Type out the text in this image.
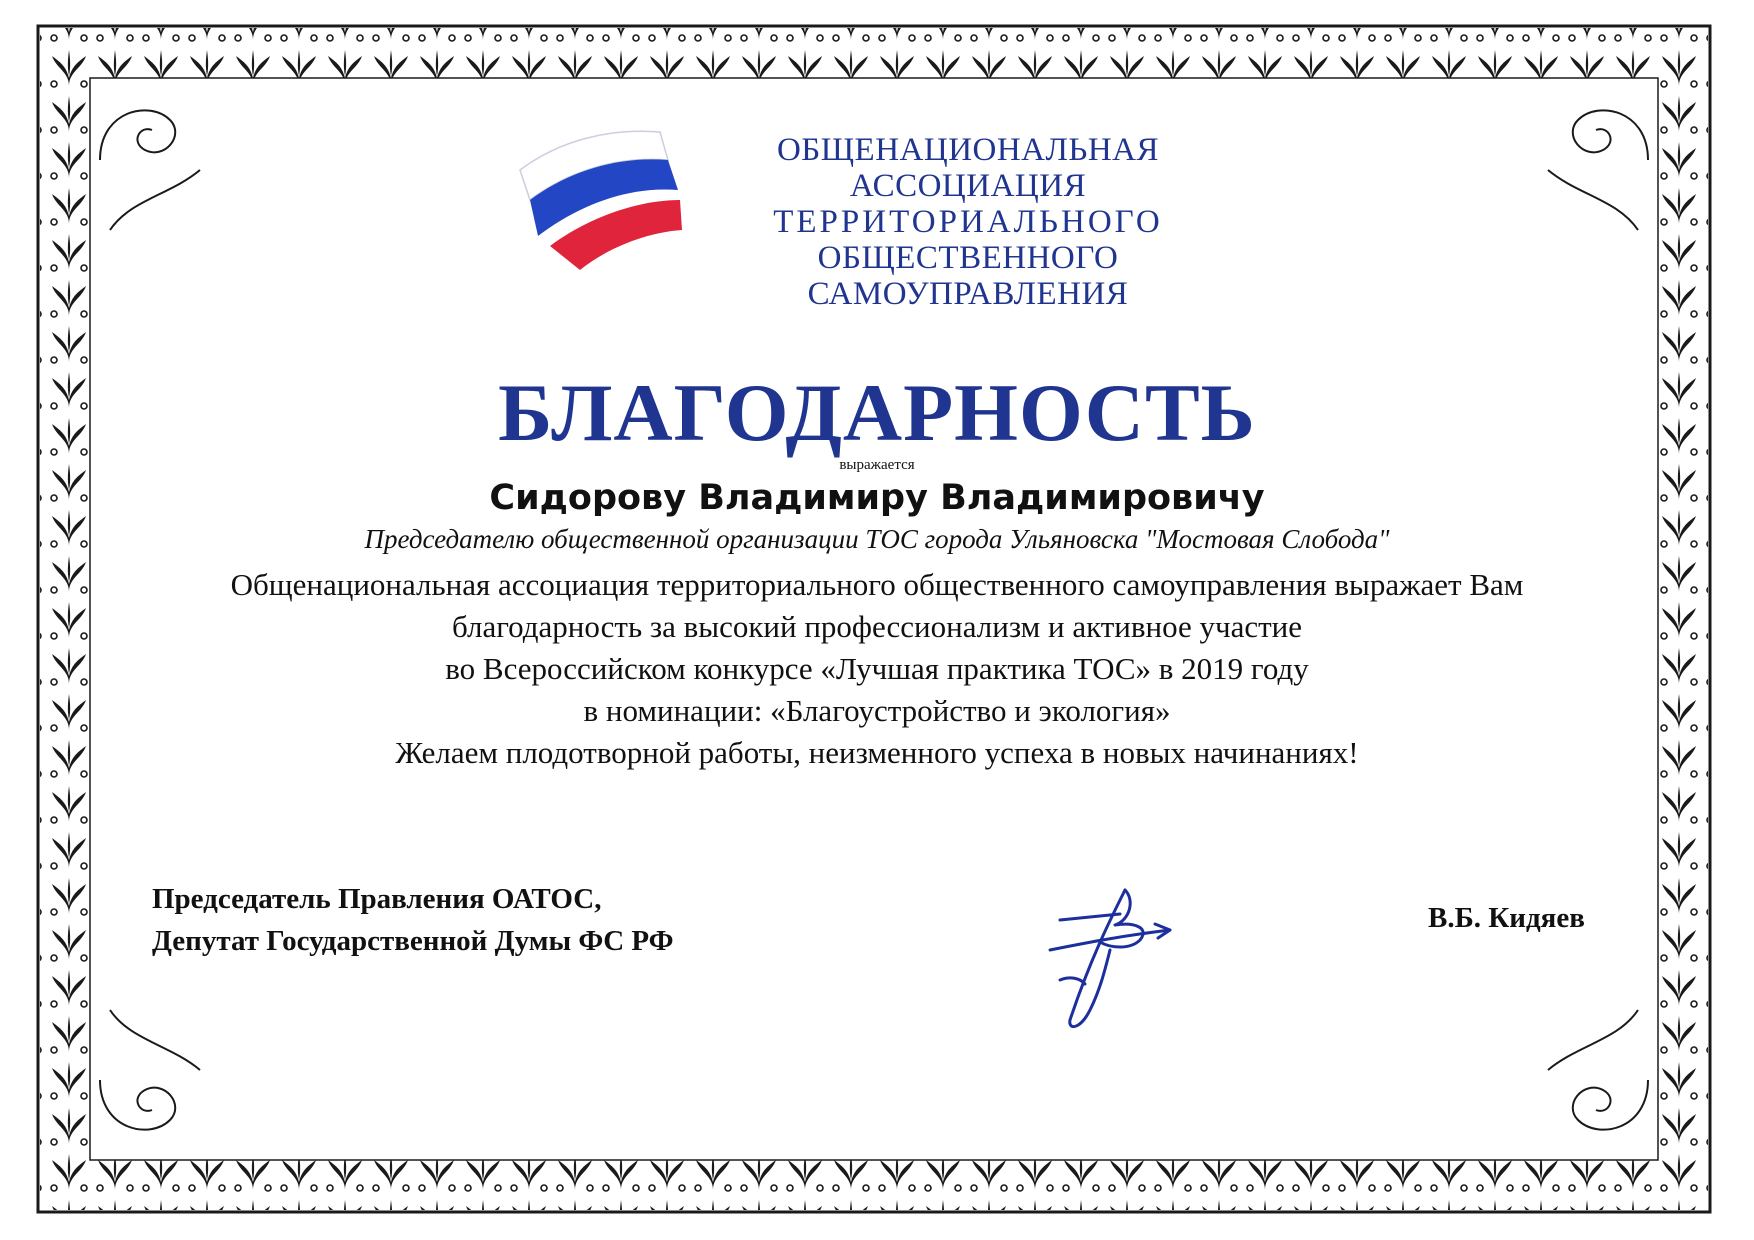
ОБЩЕНАЦИОНАЛЬНАЯ АССОЦИАЦИЯ
ТЕРРИТОРИАЛЬНОГО
ОБЩЕСТВЕННОГО САМОУПРАВЛЕНИЯ
БЛАГОДАРНОСТЬ
выражается
Сидорову Владимиру Владимировичу
Председателю общественной организации ТОС города Ульяновска "Мостовая Слобода"

Общенациональная ассоциация территориального общественного самоуправления выражает Вам

благодарность за высокий профессионализм и активное участие

во Всероссийском конкурсе «Лучшая практика ТОС» в 2019 году

в номинации: «Благоустройство и экология»

Желаем плодотворной работы, неизменного успеха в новых начинаниях!

Председатель Правления ОАТОС,
Депутат Государственной Думы ФС РФ
В.Б. Кидяев
